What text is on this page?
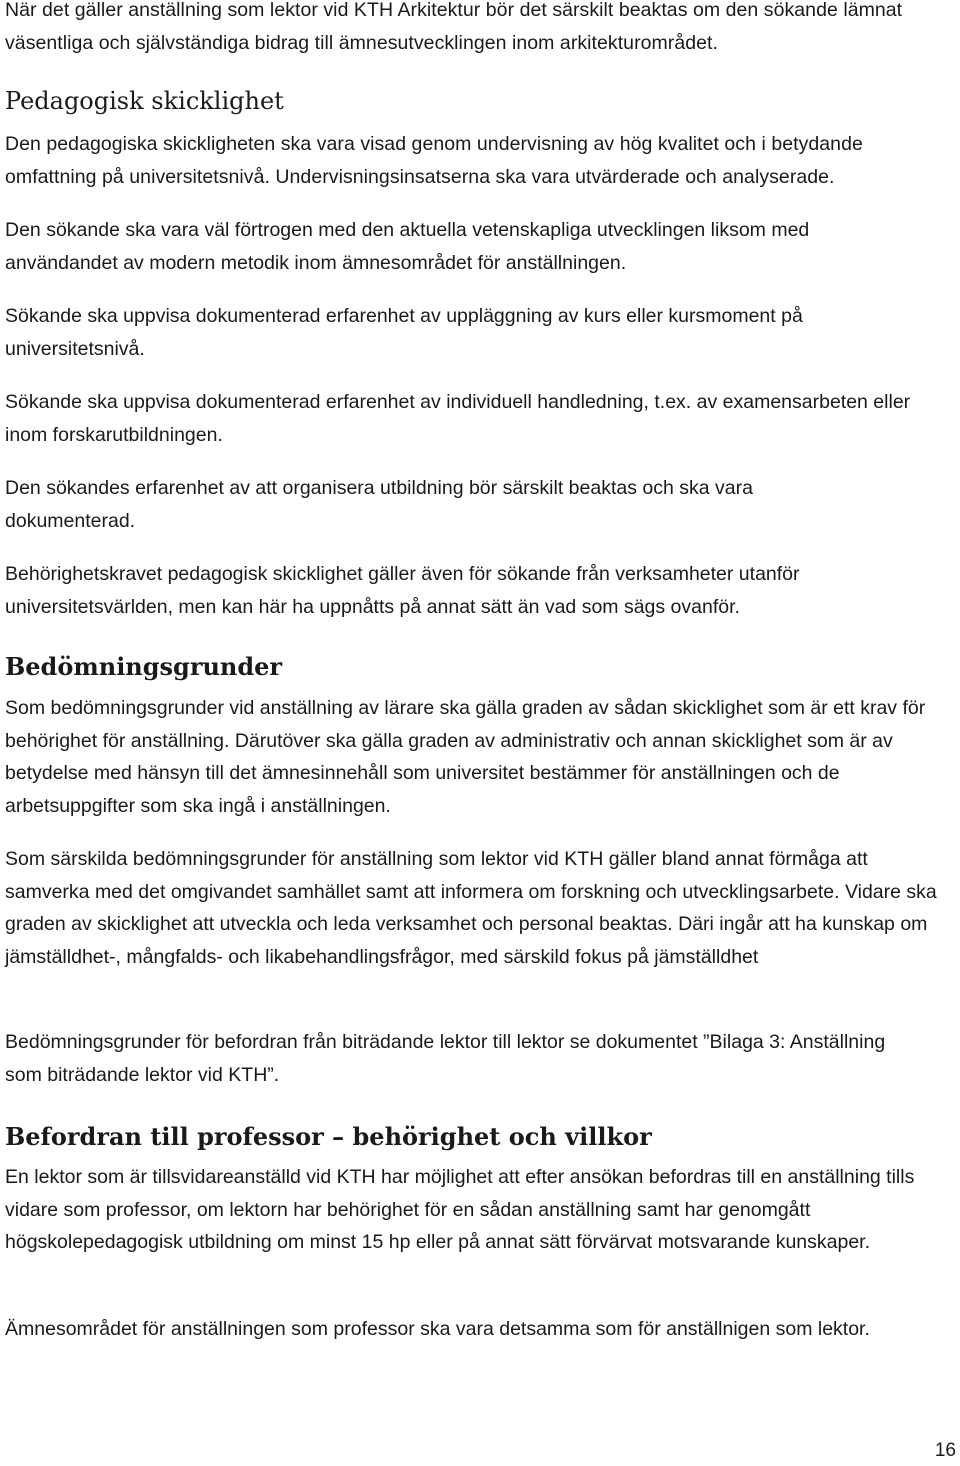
När det gäller anställning som lektor vid KTH Arkitektur bör det särskilt beaktas om den sökande lämnat väsentliga och självständiga bidrag till ämnesutvecklingen inom arkitekturområdet.

Pedagogisk skicklighet

Den pedagogiska skickligheten ska vara visad genom undervisning av hög kvalitet och i betydande omfattning på universitetsnivå. Undervisningsinsatserna ska vara utvärderade och analyserade.

Den sökande ska vara väl förtrogen med den aktuella vetenskapliga utvecklingen liksom med användandet av modern metodik inom ämnesområdet för anställningen.

Sökande ska uppvisa dokumenterad erfarenhet av uppläggning av kurs eller kursmoment på universitetsnivå.

Sökande ska uppvisa dokumenterad erfarenhet av individuell handledning, t.ex. av examensarbeten eller inom forskarutbildningen.

Den sökandes erfarenhet av att organisera utbildning bör särskilt beaktas och ska vara dokumenterad.

Behörighetskravet pedagogisk skicklighet gäller även för sökande från verksamheter utanför universitetsvärlden, men kan här ha uppnåtts på annat sätt än vad som sägs ovanför.

Bedömningsgrunder

Som bedömningsgrunder vid anställning av lärare ska gälla graden av sådan skicklighet som är ett krav för behörighet för anställning. Därutöver ska gälla graden av administrativ och annan skicklighet som är av betydelse med hänsyn till det ämnesinnehåll som universitet bestämmer för anställningen och de arbetsuppgifter som ska ingå i anställningen.

Som särskilda bedömningsgrunder för anställning som lektor vid KTH gäller bland annat förmåga att samverka med det omgivandet samhället samt att informera om forskning och utvecklingsarbete. Vidare ska graden av skicklighet att utveckla och leda verksamhet och personal beaktas. Däri ingår att ha kunskap om jämställdhet-, mångfalds- och likabehandlingsfrågor, med särskild fokus på jämställdhet

Bedömningsgrunder för befordran från biträdande lektor till lektor se dokumentet ”Bilaga 3: Anställning som biträdande lektor vid KTH”.

Befordran till professor – behörighet och villkor

En lektor som är tillsvidareanställd vid KTH har möjlighet att efter ansökan befordras till en anställning tills vidare som professor, om lektorn har behörighet för en sådan anställning samt har genomgått högskolepedagogisk utbildning om minst 15 hp eller på annat sätt förvärvat motsvarande kunskaper.

Ämnesområdet för anställningen som professor ska vara detsamma som för anställnigen som lektor.

16
